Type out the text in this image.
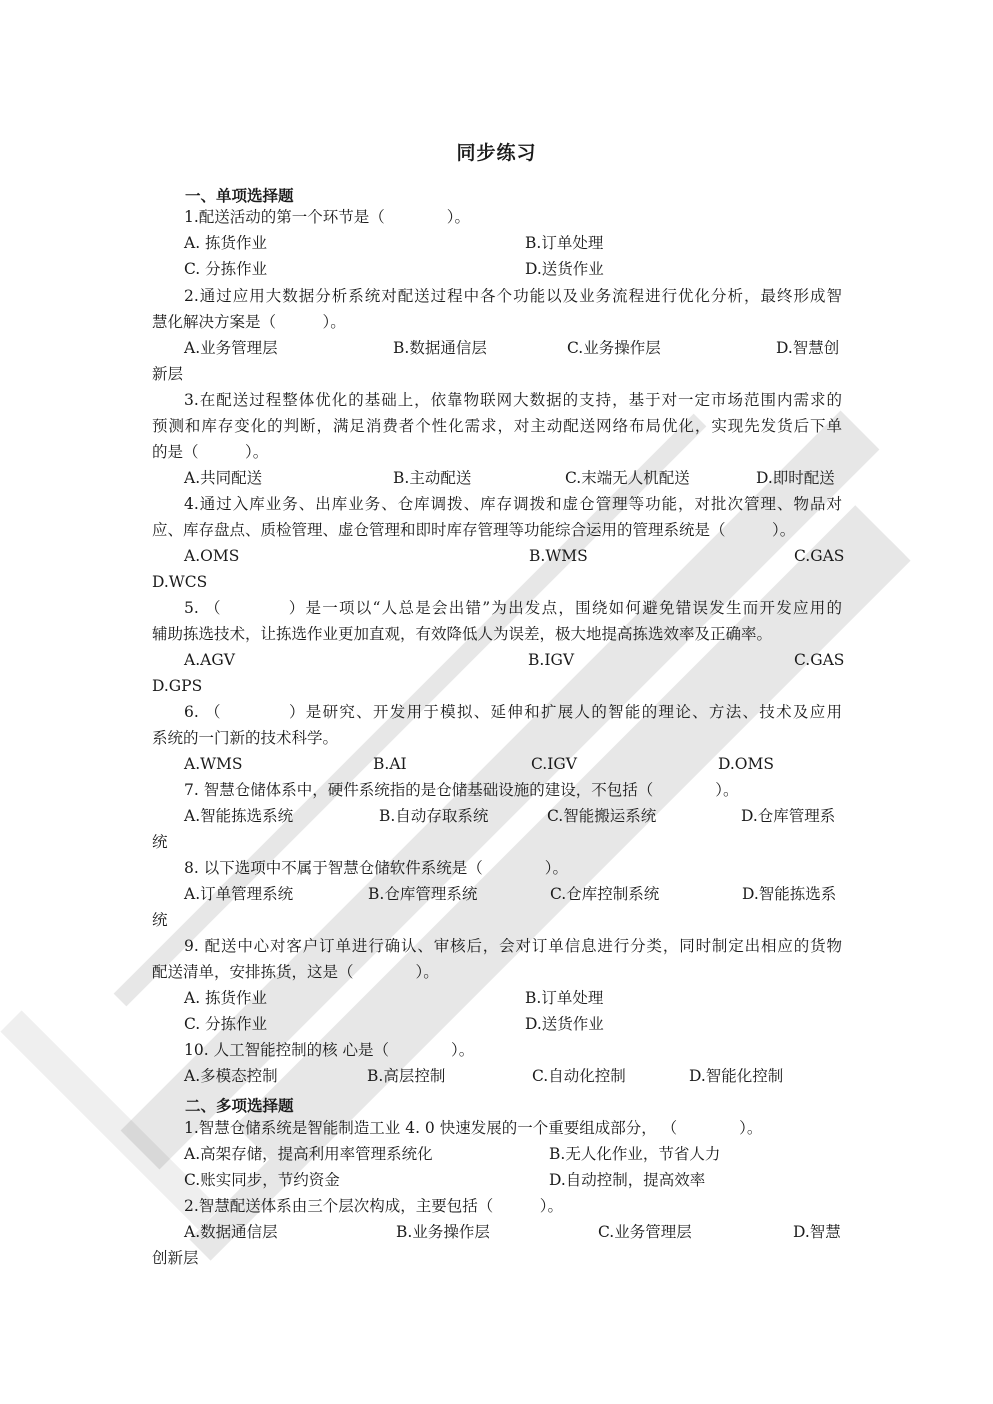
同步练习
一、单项选择题
1.配送活动的第一个环节是（　　　　）。
A. 拣货作业	B.订单处理
C. 分拣作业	D.送货作业
2.通过应用大数据分析系统对配送过程中各个功能以及业务流程进行优化分析，最终形成智
慧化解决方案是（　　　）。
A.业务管理层	B.数据通信层	C.业务操作层	D.智慧创
新层
3.在配送过程整体优化的基础上，依靠物联网大数据的支持，基于对一定市场范围内需求的
预测和库存变化的判断，满足消费者个性化需求，对主动配送网络布局优化，实现先发货后下单
的是（　　　）。
A.共同配送	B.主动配送	C.末端无人机配送	D.即时配送
4.通过入库业务、出库业务、仓库调拨、库存调拨和虚仓管理等功能，对批次管理、物品对
应、库存盘点、质检管理、虚仓管理和即时库存管理等功能综合运用的管理系统是（　　　）。
A.OMS	B.WMS	C.GAS
D.WCS
5. （　　　　）是一项以“人总是会出错”为出发点，围绕如何避免错误发生而开发应用的
辅助拣选技术，让拣选作业更加直观，有效降低人为误差，极大地提高拣选效率及正确率。
A.AGV	B.IGV	C.GAS
D.GPS
6. （　　　　）是研究、开发用于模拟、延伸和扩展人的智能的理论、方法、技术及应用
系统的一门新的技术科学。
A.WMS	B.AI	C.IGV	D.OMS
7. 智慧仓储体系中，硬件系统指的是仓储基础设施的建设，不包括（　　　　）。
A.智能拣选系统	B.自动存取系统	C.智能搬运系统	D.仓库管理系
统
8. 以下选项中不属于智慧仓储软件系统是（　　　　）。
A.订单管理系统	B.仓库管理系统	C.仓库控制系统	D.智能拣选系
统
9. 配送中心对客户订单进行确认、审核后，会对订单信息进行分类，同时制定出相应的货物
配送清单，安排拣货，这是（　　　　）。
A. 拣货作业	B.订单处理
C. 分拣作业	D.送货作业
10. 人工智能控制的核 心是（　　　　）。
A.多模态控制	B.高层控制	C.自动化控制	D.智能化控制
二、多项选择题
1.智慧仓储系统是智能制造工业 4. 0 快速发展的一个重要组成部分， （　　　　）。
A.高架存储，提高利用率管理系统化	B.无人化作业，节省人力
C.账实同步，节约资金	D.自动控制，提高效率
2.智慧配送体系由三个层次构成，主要包括（　　　）。
A.数据通信层	B.业务操作层	C.业务管理层	D.智慧
创新层
